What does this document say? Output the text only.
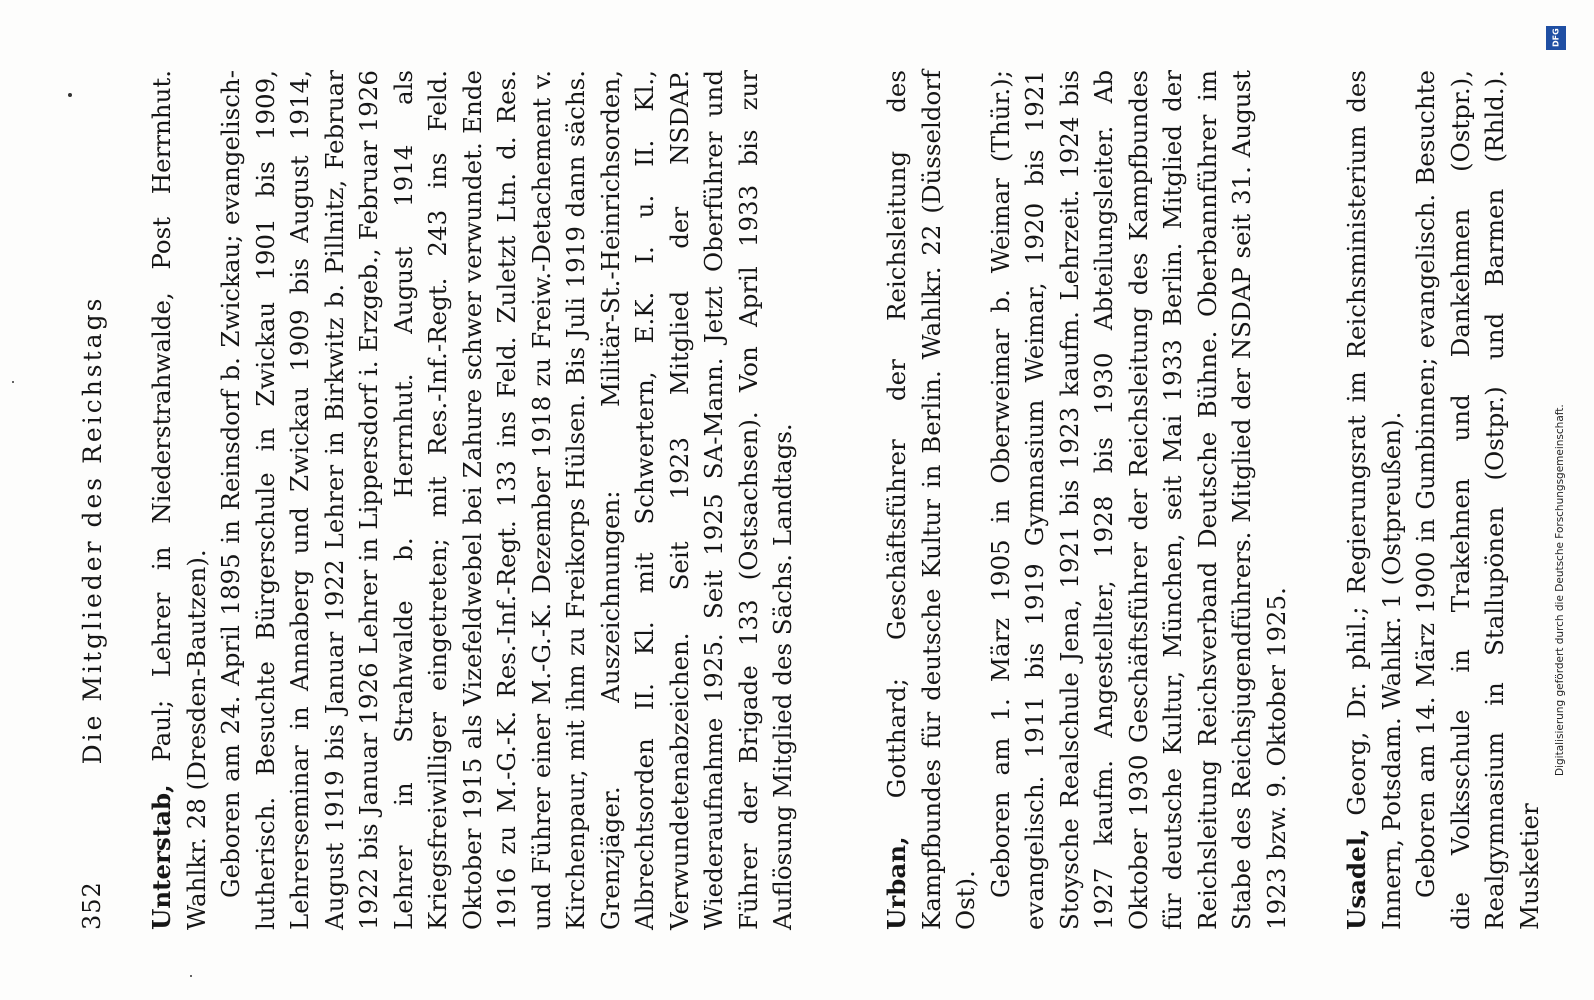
352
Die Mitglieder des Reichstags

Unterstab, Paul; Lehrer in Niederstrahwalde, Post Herrnhut. Wahlkr. 28 (Dresden-Bautzen). Geboren am 24. April 1895 in Reinsdorf b. Zwickau; evangelisch-lutherisch. Besuchte Bürgerschule in Zwickau 1901 bis 1909, Lehrerseminar in Annaberg und Zwickau 1909 bis August 1914, August 1919 bis Januar 1922 Lehrer in Birkwitz b. Pillnitz, Februar 1922 bis Januar 1926 Lehrer in Lippersdorf i. Erzgeb., Februar 1926 Lehrer in Strahwalde b. Herrnhut. August 1914 als Kriegsfreiwilliger eingetreten; mit Res.-Inf.-Regt. 243 ins Feld. Oktober 1915 als Vizefeldwebel bei Zahure schwer verwundet. Ende 1916 zu M.-G.-K. Res.-Inf.-Regt. 133 ins Feld. Zuletzt Ltn. d. Res. und Führer einer M.-G.-K. Dezember 1918 zu Freiw.-Detachement v. Kirchenpaur, mit ihm zu Freikorps Hülsen. Bis Juli 1919 dann sächs. Grenzjäger. Auszeichnungen: Militär-St.-Heinrichsorden, Albrechtsorden II. Kl. mit Schwertern, E.K. I. u. II. Kl., Verwundetenabzeichen. Seit 1923 Mitglied der NSDAP. Wiederaufnahme 1925. Seit 1925 SA-Mann. Jetzt Oberführer und Führer der Brigade 133 (Ostsachsen). Von April 1933 bis zur Auflösung Mitglied des Sächs. Landtags.	Urban, Gotthard; Geschäftsführer der Reichsleitung des Kampfbundes für deutsche Kultur in Berlin. Wahlkr. 22 (Düsseldorf Ost).

Geboren am 1. März 1905 in Oberweimar b. Weimar (Thür.); evangelisch. 1911 bis 1919 Gymnasium Weimar, 1920 bis 1921 Stoysche Realschule Jena, 1921 bis 1923 kaufm. Lehrzeit. 1924 bis 1927 kaufm. Angestellter, 1928 bis 1930 Abteilungsleiter. Ab Oktober 1930 Geschäftsführer der Reichsleitung des Kampfbundes für deutsche Kultur, München, seit Mai 1933 Berlin. Mitglied der Reichsleitung Reichsverband Deutsche Bühne. Oberbannführer im Stabe des Reichsjugendführers. Mitglied der NSDAP seit 31. August 1923 bzw. 9. Oktober 1925. Usadel, Georg, Dr. phil.; Regierungsrat im Reichsministerium des Innern, Potsdam. Wahlkr. 1 (Ostpreußen). Geboren am 14. März 1900 in Gumbinnen; evangelisch. Besuchte die Volksschule in Trakehnen und Dankehmen (Ostpr.), Realgymnasium in Stallupönen (Ostpr.) und Barmen (Rhld.). Musketier

DFG
Digitalisierung gefördert durch die Deutsche Forschungsgemeinschaft.
